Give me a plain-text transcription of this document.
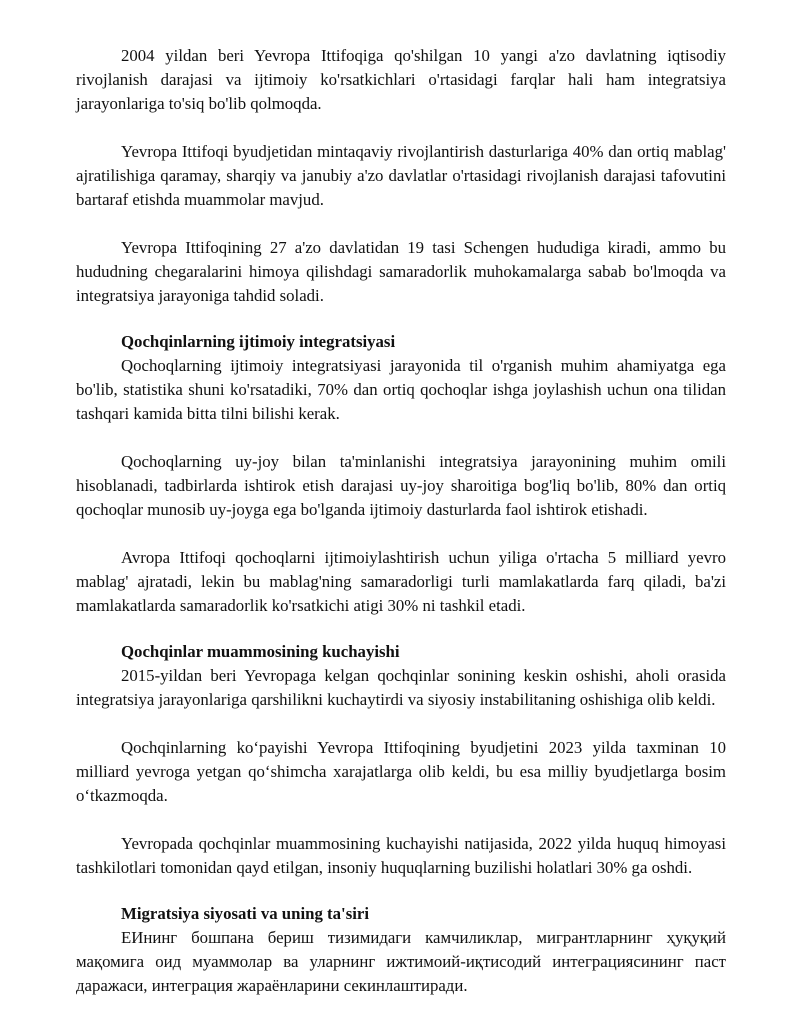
2004 yildan beri Yevropa Ittifoqiga qo'shilgan 10 yangi a'zo davlatning iqtisodiy rivojlanish darajasi va ijtimoiy ko'rsatkichlari o'rtasidagi farqlar hali ham integratsiya jarayonlariga to'siq bo'lib qolmoqda.

Yevropa Ittifoqi byudjetidan mintaqaviy rivojlantirish dasturlariga 40% dan ortiq mablag' ajratilishiga qaramay, sharqiy va janubiy a'zo davlatlar o'rtasidagi rivojlanish darajasi tafovutini bartaraf etishda muammolar mavjud.

Yevropa Ittifoqining 27 a'zo davlatidan 19 tasi Schengen hududiga kiradi, ammo bu hududning chegaralarini himoya qilishdagi samaradorlik muhokamalarga sabab bo'lmoqda va integratsiya jarayoniga tahdid soladi.

Qochqinlarning ijtimoiy integratsiyasi

Qochoqlarning ijtimoiy integratsiyasi jarayonida til o'rganish muhim ahamiyatga ega bo'lib, statistika shuni ko'rsatadiki, 70% dan ortiq qochoqlar ishga joylashish uchun ona tilidan tashqari kamida bitta tilni bilishi kerak.

Qochoqlarning uy-joy bilan ta'minlanishi integratsiya jarayonining muhim omili hisoblanadi, tadbirlarda ishtirok etish darajasi uy-joy sharoitiga bog'liq bo'lib, 80% dan ortiq qochoqlar munosib uy-joyga ega bo'lganda ijtimoiy dasturlarda faol ishtirok etishadi.

Avropa Ittifoqi qochoqlarni ijtimoiylashtirish uchun yiliga o'rtacha 5 milliard yevro mablag' ajratadi, lekin bu mablag'ning samaradorligi turli mamlakatlarda farq qiladi, ba'zi mamlakatlarda samaradorlik ko'rsatkichi atigi 30% ni tashkil etadi.

Qochqinlar muammosining kuchayishi

2015-yildan beri Yevropaga kelgan qochqinlar sonining keskin oshishi, aholi orasida integratsiya jarayonlariga qarshilikni kuchaytirdi va siyosiy instabilitaning oshishiga olib keldi.

Qochqinlarning ko‘payishi Yevropa Ittifoqining byudjetini 2023 yilda taxminan 10 milliard yevroga yetgan qo‘shimcha xarajatlarga olib keldi, bu esa milliy byudjetlarga bosim o‘tkazmoqda.

Yevropada qochqinlar muammosining kuchayishi natijasida, 2022 yilda huquq himoyasi tashkilotlari tomonidan qayd etilgan, insoniy huquqlarning buzilishi holatlari 30% ga oshdi.

Migratsiya siyosati va uning ta'siri

ЕИнинг бошпана бериш тизимидаги камчиликлар, мигрантларнинг ҳуқуқий мақомига оид муаммолар ва уларнинг ижтимоий-иқтисодий интеграциясининг паст даражаси, интеграция жараёнларини секинлаштиради.
